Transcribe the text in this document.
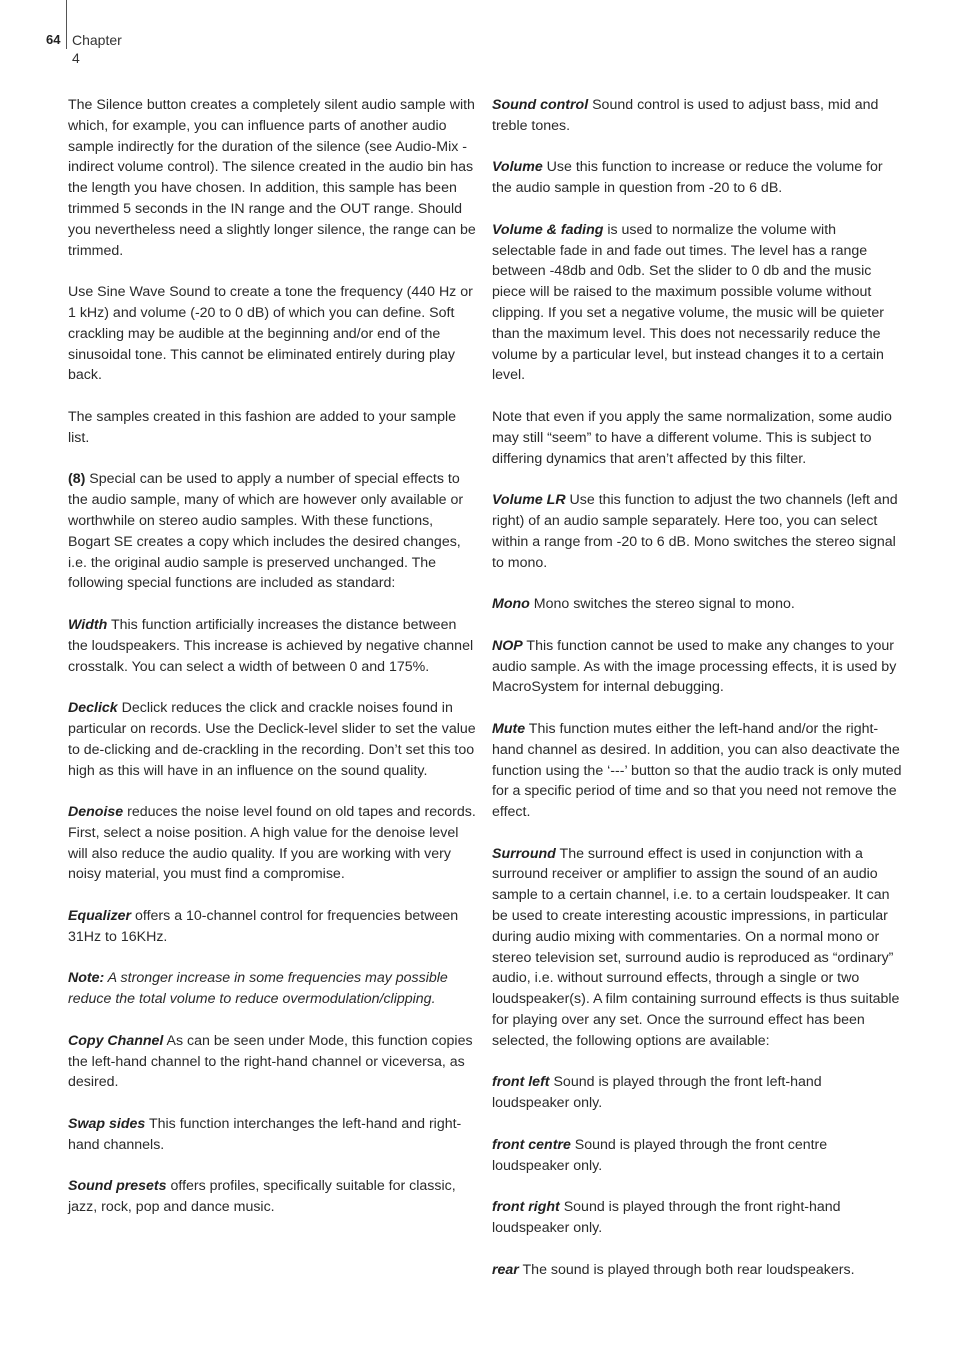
64 Chapter 4

The Silence button creates a completely silent audio sample with which, for example, you can influence parts of another audio sample indirectly for the duration of the silence (see Audio-Mix - indirect volume control). The silence created in the audio bin has the length you have chosen. In addition, this sample has been trimmed 5 seconds in the IN range and the OUT range. Should you nevertheless need a slightly longer silence, the range can be trimmed.

Use Sine Wave Sound to create a tone the frequency (440 Hz or 1 kHz) and volume (-20 to 0 dB) of which you can define. Soft crackling may be audible at the beginning and/or end of the sinusoidal tone. This cannot be eliminated entirely during play back.

The samples created in this fashion are added to your sample list.

(8) Special can be used to apply a number of special effects to the audio sample, many of which are however only available or worthwhile on stereo audio samples. With these functions, Bogart SE creates a copy which includes the desired changes, i.e. the original audio sample is preserved unchanged. The following special functions are included as standard:

Width This function artificially increases the distance between the loudspeakers. This increase is achieved by negative channel crosstalk. You can select a width of between 0 and 175%.

Declick Declick reduces the click and crackle noises found in particular on records. Use the Declick-level slider to set the value to de-clicking and de-crackling in the recording. Don’t set this too high as this will have in an influence on the sound quality.

Denoise reduces the noise level found on old tapes and records. First, select a noise position. A high value for the denoise level will also reduce the audio quality. If you are working with very noisy material, you must find a compromise.

Equalizer offers a 10-channel control for frequencies between 31Hz to 16KHz.

Note: A stronger increase in some frequencies may possible reduce the total volume to reduce overmodulation/clipping.

Copy Channel As can be seen under Mode, this function copies the left-hand channel to the right-hand channel or viceversa, as desired.

Swap sides This function interchanges the left-hand and right-hand channels.

Sound presets offers profiles, specifically suitable for classic, jazz, rock, pop and dance music.

Sound control Sound control is used to adjust bass, mid and treble tones.

Volume Use this function to increase or reduce the volume for the audio sample in question from -20 to 6 dB.

Volume & fading is used to normalize the volume with selectable fade in and fade out times. The level has a range between -48db and 0db. Set the slider to 0 db and the music piece will be raised to the maximum possible volume without clipping. If you set a negative volume, the music will be quieter than the maximum level. This does not necessarily reduce the volume by a particular level, but instead changes it to a certain level.

Note that even if you apply the same normalization, some audio may still “seem” to have a different volume. This is subject to differing dynamics that aren’t affected by this filter.

Volume LR Use this function to adjust the two channels (left and right) of an audio sample separately. Here too, you can select within a range from -20 to 6 dB. Mono switches the stereo signal to mono.

Mono Mono switches the stereo signal to mono.

NOP This function cannot be used to make any changes to your audio sample. As with the image processing effects, it is used by MacroSystem for internal debugging.

Mute This function mutes either the left-hand and/or the right-hand channel as desired. In addition, you can also deactivate the function using the ‘---’ button so that the audio track is only muted for a specific period of time and so that you need not remove the effect.

Surround The surround effect is used in conjunction with a surround receiver or amplifier to assign the sound of an audio sample to a certain channel, i.e. to a certain loudspeaker. It can be used to create interesting acoustic impressions, in particular during audio mixing with commentaries. On a normal mono or stereo television set, surround audio is reproduced as “ordinary” audio, i.e. without surround effects, through a single or two loudspeaker(s). A film containing surround effects is thus suitable for playing over any set. Once the surround effect has been selected, the following options are available:

front left Sound is played through the front left-hand loudspeaker only.

front centre Sound is played through the front centre loudspeaker only.

front right Sound is played through the front right-hand loudspeaker only.

rear The sound is played through both rear loudspeakers.
